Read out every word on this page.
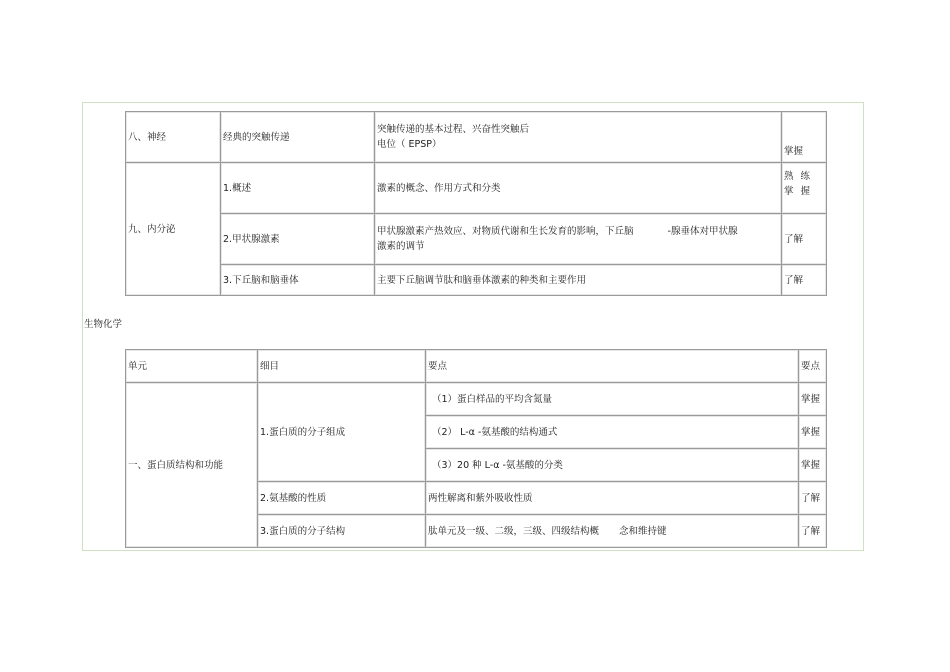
八、神经	经典的突触传递	突触传递的基本过程、兴奋性突触后
电位（ EPSP）	掌握
九、内分泌	1.概述	激素的概念、作用方式和分类	熟 练 掌 握
	2.甲状腺激素	甲状腺激素产热效应、对物质代谢和生长发育的影响，下丘脑 -腺垂体对甲状腺
激素的调节	了解
	3.下丘脑和脑垂体	主要下丘脑调节肽和脑垂体激素的种类和主要作用	了解
生物化学
单元	细目	要点	要点
一、蛋白质结构和功能	1.蛋白质的分子组成	（1）蛋白样品的平均含氮量	掌握
		（2） L-α -氨基酸的结构通式	掌握
		（3）20 种 L-α -氨基酸的分类	掌握
	2.氨基酸的性质	两性解离和紫外吸收性质	了解
	3.蛋白质的分子结构	肽单元及一级、二级，三级、四级结构概 念和维持键	了解
